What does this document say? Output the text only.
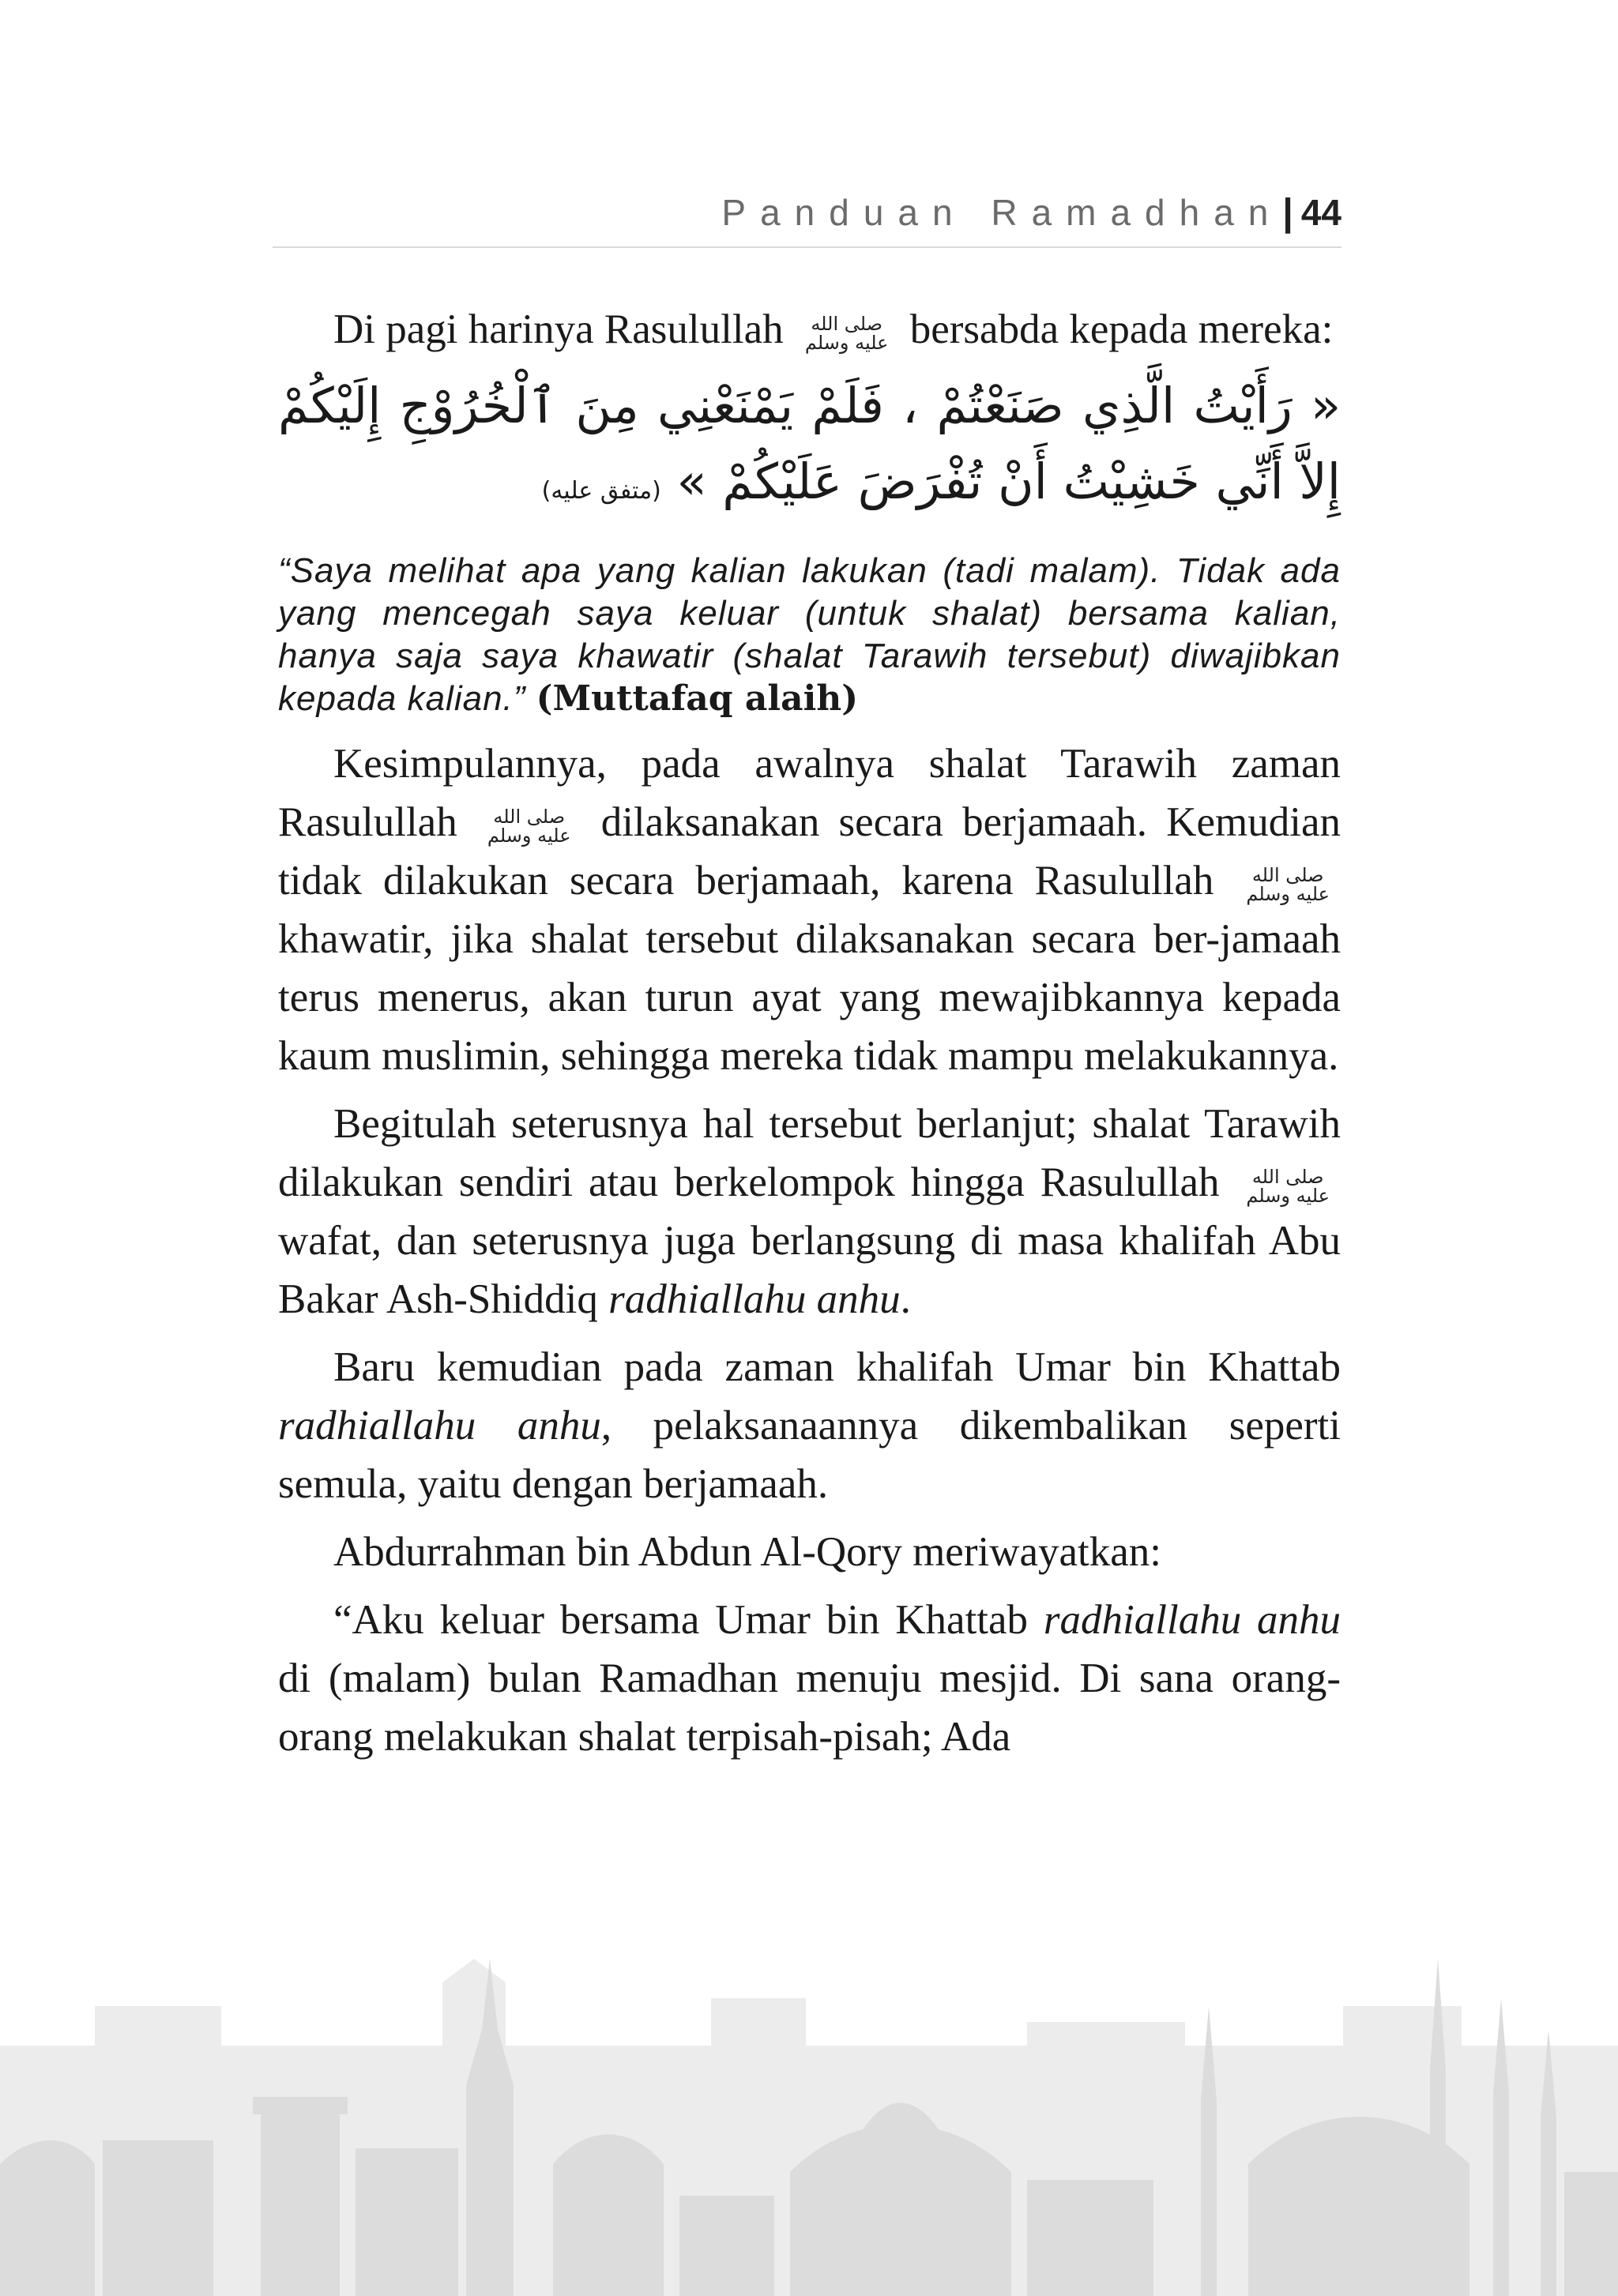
Panduan Ramadhan| 44

Di pagi harinya Rasulullah	صلى الله
عليه وسلم bersabda kepada mereka:

« رَأَيْتُ الَّذِي صَنَعْتُمْ ، فَلَمْ يَمْنَعْنِي مِنَ ٱلْخُرُوْجِ إِلَيْكُمْ إِلاَّ أَنِّي خَشِيْتُ أَنْ تُفْرَضَ عَلَيْكُمْ » (متفق عليه)

“Saya melihat apa yang kalian lakukan (tadi malam). Tidak ada yang mencegah saya keluar (untuk shalat) bersama kalian, hanya saja saya khawatir (shalat Tarawih tersebut) diwajibkan kepada kalian.” (Muttafaq alaih)

Kesimpulannya, pada awalnya shalat Tarawih zaman Rasulullah	صلى الله
عليه وسلم dilaksanakan secara berjamaah. Kemudian tidak dilakukan secara berjamaah, karena Rasulullah	صلى الله
عليه وسلم
khawatir, jika shalat tersebut dilaksanakan secara ber-jamaah terus menerus, akan turun ayat yang mewajibkannya kepada kaum muslimin, sehingga mereka tidak mampu melakukannya.

Begitulah seterusnya hal tersebut berlanjut; shalat Tarawih dilakukan sendiri atau berkelompok hingga Rasulullah	صلى الله
عليه وسلم
wafat, dan seterusnya juga berlangsung di masa khalifah Abu Bakar Ash-Shiddiq radhiallahu anhu.

Baru kemudian pada zaman khalifah Umar bin Khattab radhiallahu anhu, pelaksanaannya dikembalikan seperti semula, yaitu dengan berjamaah.

Abdurrahman bin Abdun Al-Qory meriwayatkan:

“Aku keluar bersama Umar bin Khattab radhiallahu anhu di (malam) bulan Ramadhan menuju mesjid. Di sana orang-orang melakukan shalat terpisah-pisah; Ada
